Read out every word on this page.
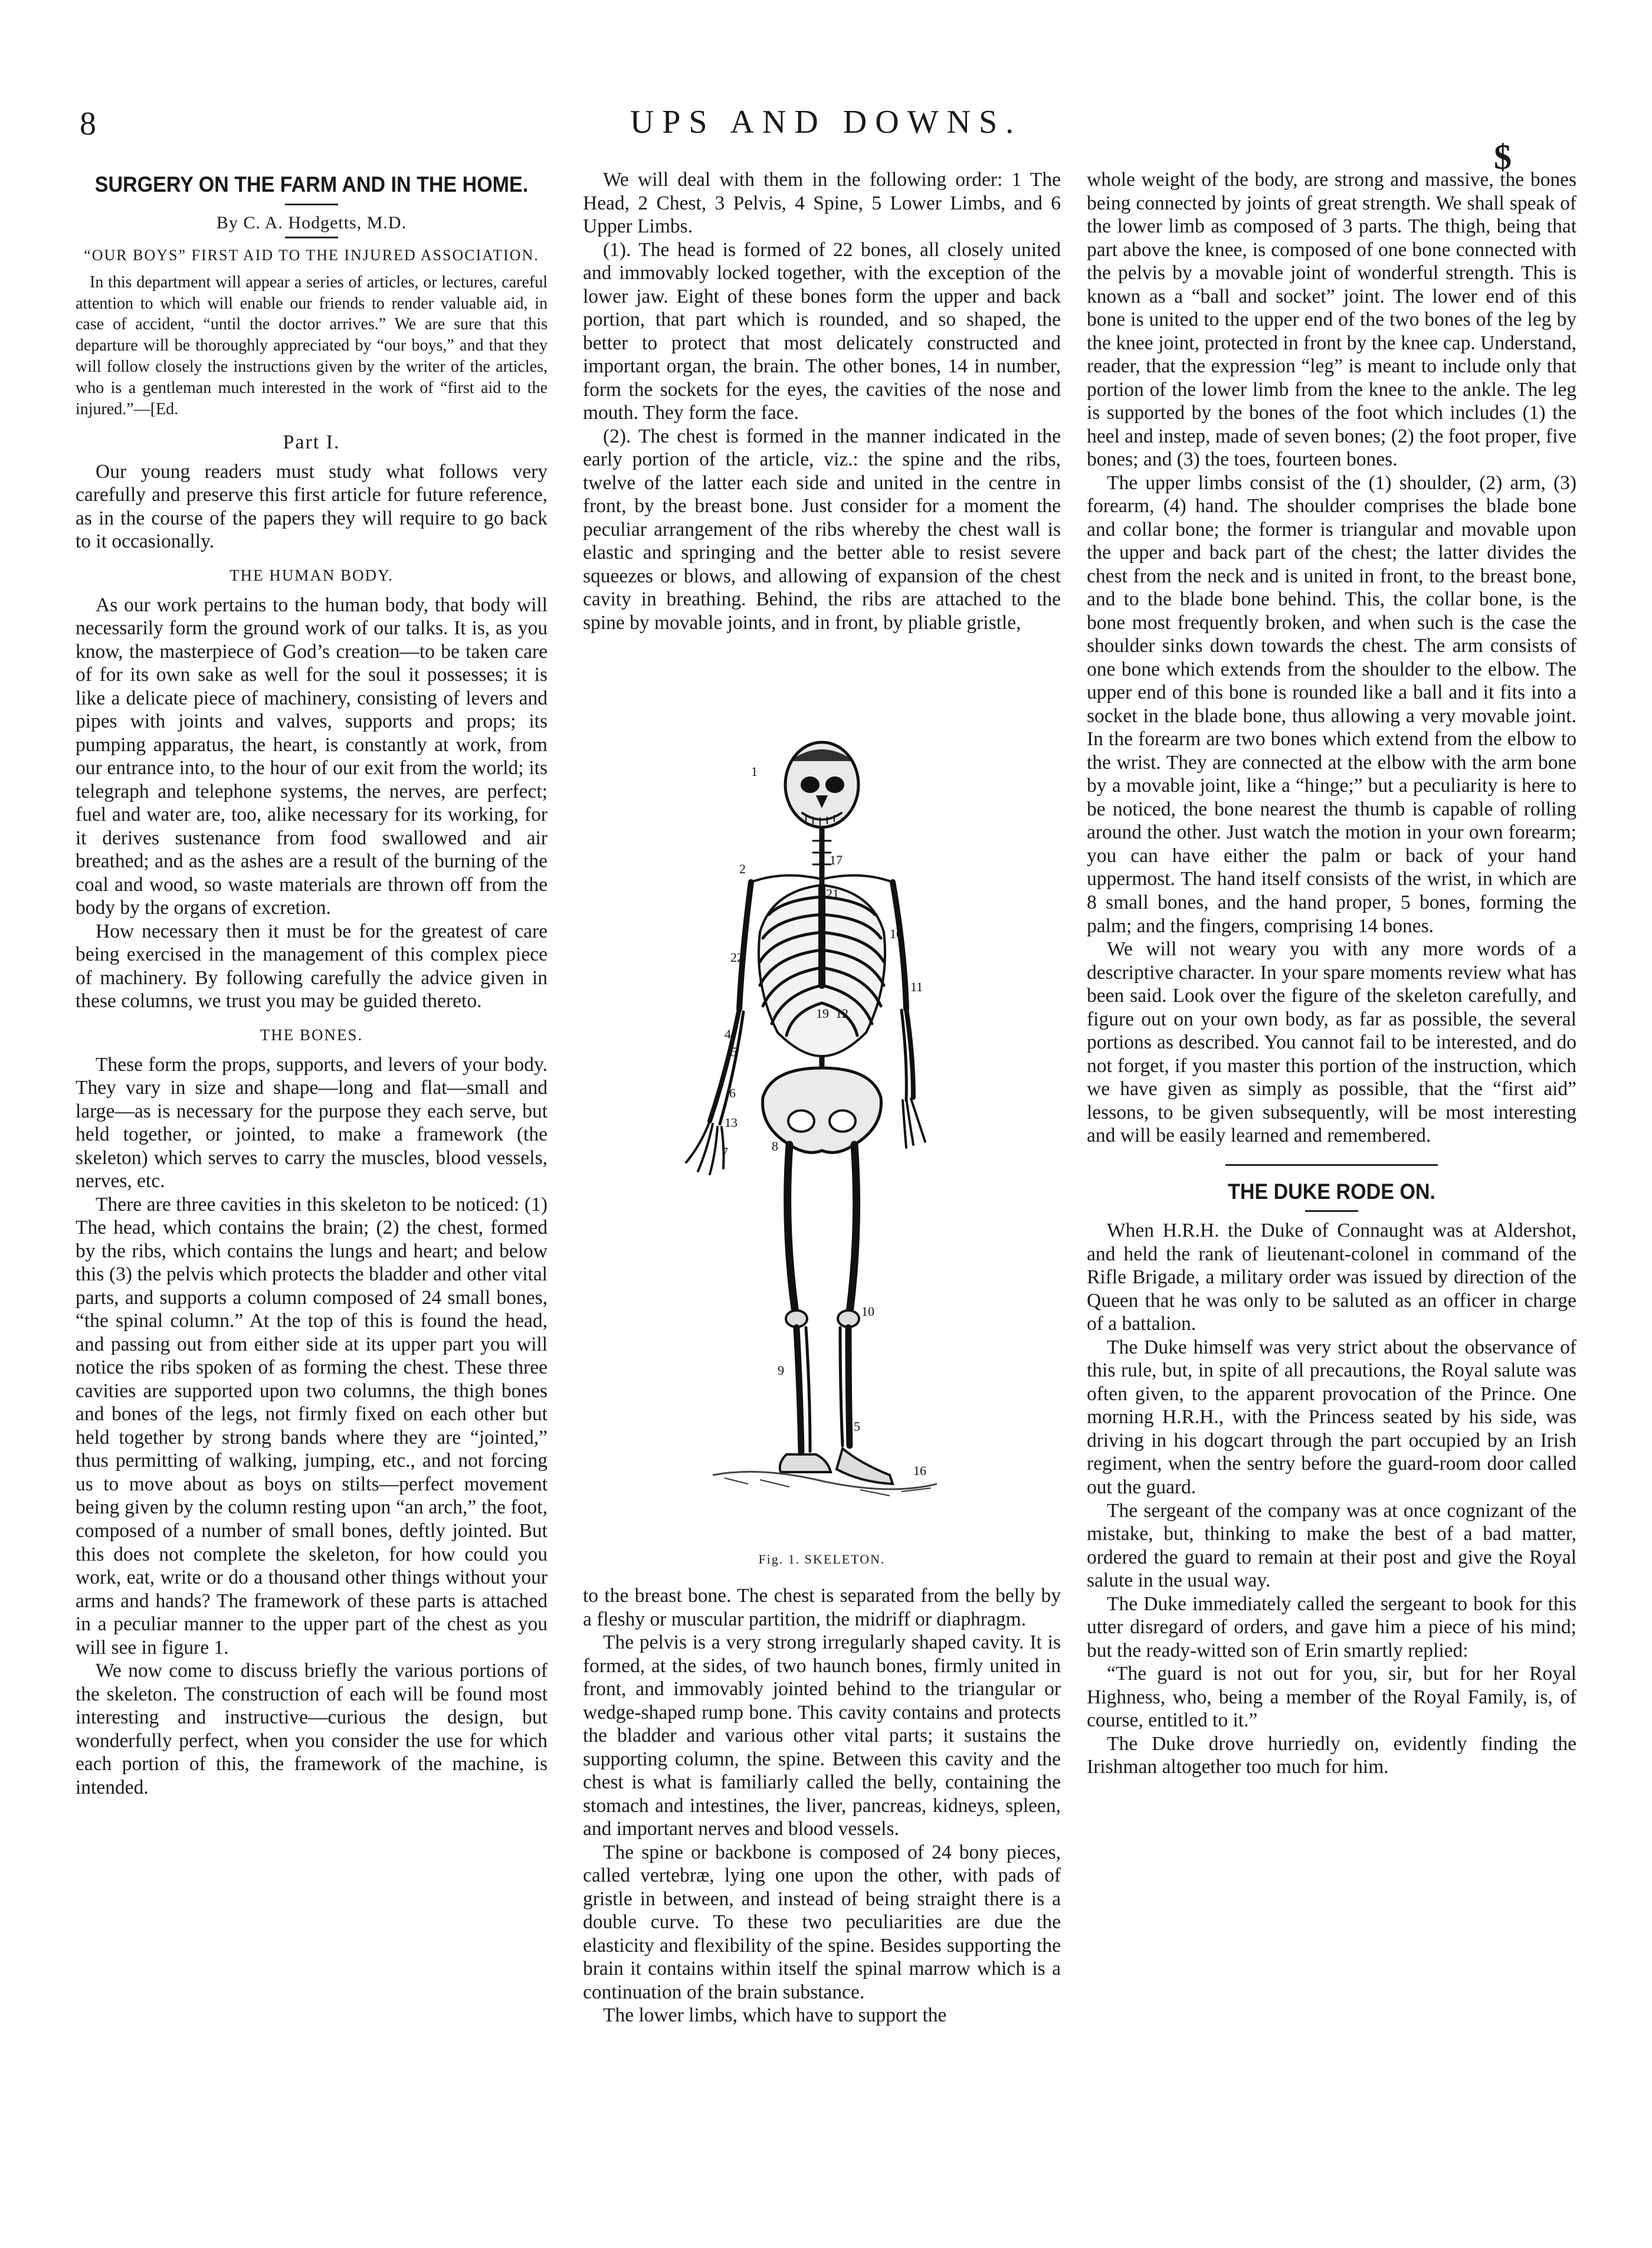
8	UPS AND DOWNS.
$
SURGERY ON THE FARM AND IN THE HOME.
By C. A. Hodgetts, M.D.
“OUR BOYS” FIRST AID TO THE INJURED ASSOCIATION.

In this department will appear a series of articles, or lectures, careful attention to which will enable our friends to render valuable aid, in case of accident, “until the doctor arrives.” We are sure that this departure will be thoroughly appreciated by “our boys,” and that they will follow closely the instructions given by the writer of the articles, who is a gentleman much interested in the work of “first aid to the injured.”—[Ed.

Part I.

Our young readers must study what follows very carefully and preserve this first article for future reference, as in the course of the papers they will require to go back to it occasionally.

THE HUMAN BODY.

As our work pertains to the human body, that body will necessarily form the ground work of our talks. It is, as you know, the masterpiece of God’s creation—to be taken care of for its own sake as well for the soul it possesses; it is like a delicate piece of machinery, consisting of levers and pipes with joints and valves, supports and props; its pumping apparatus, the heart, is constantly at work, from our entrance into, to the hour of our exit from the world; its telegraph and telephone systems, the nerves, are perfect; fuel and water are, too, alike necessary for its working, for it derives sustenance from food swallowed and air breathed; and as the ashes are a result of the burning of the coal and wood, so waste materials are thrown off from the body by the organs of excretion.

How necessary then it must be for the greatest of care being exercised in the management of this complex piece of machinery. By following carefully the advice given in these columns, we trust you may be guided thereto.

THE BONES.

These form the props, supports, and levers of your body. They vary in size and shape—long and flat—small and large—as is necessary for the purpose they each serve, but held together, or jointed, to make a framework (the skeleton) which serves to carry the muscles, blood vessels, nerves, etc.

There are three cavities in this skeleton to be noticed: (1) The head, which contains the brain; (2) the chest, formed by the ribs, which contains the lungs and heart; and below this (3) the pelvis which protects the bladder and other vital parts, and supports a column composed of 24 small bones, “the spinal column.” At the top of this is found the head, and passing out from either side at its upper part you will notice the ribs spoken of as forming the chest. These three cavities are supported upon two columns, the thigh bones and bones of the legs, not firmly fixed on each other but held together by strong bands where they are “jointed,” thus permitting of walking, jumping, etc., and not forcing us to move about as boys on stilts—perfect movement being given by the column resting upon “an arch,” the foot, composed of a number of small bones, deftly jointed. But this does not complete the skeleton, for how could you work, eat, write or do a thousand other things without your arms and hands? The framework of these parts is attached in a peculiar manner to the upper part of the chest as you will see in figure 1.

We now come to discuss briefly the various portions of the skeleton. The construction of each will be found most interesting and instructive—curious the design, but wonderfully perfect, when you consider the use for which each portion of this, the framework of the machine, is intended.

We will deal with them in the following order: 1 The Head, 2 Chest, 3 Pelvis, 4 Spine, 5 Lower Limbs, and 6 Upper Limbs.

(1). The head is formed of 22 bones, all closely united and immovably locked together, with the exception of the lower jaw. Eight of these bones form the upper and back portion, that part which is rounded, and so shaped, the better to protect that most delicately constructed and important organ, the brain. The other bones, 14 in number, form the sockets for the eyes, the cavities of the nose and mouth. They form the face.

(2). The chest is formed in the manner indicated in the early portion of the article, viz.: the spine and the ribs, twelve of the latter each side and united in the centre in front, by the breast bone. Just consider for a moment the peculiar arrangement of the ribs whereby the chest wall is elastic and springing and the better able to resist severe squeezes or blows, and allowing of expansion of the chest cavity in breathing. Behind, the ribs are attached to the spine by movable joints, and in front, by pliable gristle,

1
2
17
21
22
19
10
12
11
4
5
6
13
7	8
10
9
15
16
Fig. 1. SKELETON.

to the breast bone. The chest is separated from the belly by a fleshy or muscular partition, the midriff or diaphragm.

The pelvis is a very strong irregularly shaped cavity. It is formed, at the sides, of two haunch bones, firmly united in front, and immovably jointed behind to the triangular or wedge-shaped rump bone. This cavity contains and protects the bladder and various other vital parts; it sustains the supporting column, the spine. Between this cavity and the chest is what is familiarly called the belly, containing the stomach and intestines, the liver, pancreas, kidneys, spleen, and important nerves and blood vessels.

The spine or backbone is composed of 24 bony pieces, called vertebræ, lying one upon the other, with pads of gristle in between, and instead of being straight there is a double curve. To these two peculiarities are due the elasticity and flexibility of the spine. Besides supporting the brain it contains within itself the spinal marrow which is a continuation of the brain substance.

The lower limbs, which have to support the

whole weight of the body, are strong and massive, the bones being connected by joints of great strength. We shall speak of the lower limb as composed of 3 parts. The thigh, being that part above the knee, is composed of one bone connected with the pelvis by a movable joint of wonderful strength. This is known as a “ball and socket” joint. The lower end of this bone is united to the upper end of the two bones of the leg by the knee joint, protected in front by the knee cap. Understand, reader, that the expression “leg” is meant to include only that portion of the lower limb from the knee to the ankle. The leg is supported by the bones of the foot which includes (1) the heel and instep, made of seven bones; (2) the foot proper, five bones; and (3) the toes, fourteen bones.

The upper limbs consist of the (1) shoulder, (2) arm, (3) forearm, (4) hand. The shoulder comprises the blade bone and collar bone; the former is triangular and movable upon the upper and back part of the chest; the latter divides the chest from the neck and is united in front, to the breast bone, and to the blade bone behind. This, the collar bone, is the bone most frequently broken, and when such is the case the shoulder sinks down towards the chest. The arm consists of one bone which extends from the shoulder to the elbow. The upper end of this bone is rounded like a ball and it fits into a socket in the blade bone, thus allowing a very movable joint. In the forearm are two bones which extend from the elbow to the wrist. They are connected at the elbow with the arm bone by a movable joint, like a “hinge;” but a peculiarity is here to be noticed, the bone nearest the thumb is capable of rolling around the other. Just watch the motion in your own forearm; you can have either the palm or back of your hand uppermost. The hand itself consists of the wrist, in which are 8 small bones, and the hand proper, 5 bones, forming the palm; and the fingers, comprising 14 bones.

We will not weary you with any more words of a descriptive character. In your spare moments review what has been said. Look over the figure of the skeleton carefully, and figure out on your own body, as far as possible, the several portions as described. You cannot fail to be interested, and do not forget, if you master this portion of the instruction, which we have given as simply as possible, that the “first aid” lessons, to be given subsequently, will be most interesting and will be easily learned and remembered.

THE DUKE RODE ON.

When H.R.H. the Duke of Connaught was at Aldershot, and held the rank of lieutenant-colonel in command of the Rifle Brigade, a military order was issued by direction of the Queen that he was only to be saluted as an officer in charge of a battalion.

The Duke himself was very strict about the observance of this rule, but, in spite of all precautions, the Royal salute was often given, to the apparent provocation of the Prince. One morning H.R.H., with the Princess seated by his side, was driving in his dogcart through the part occupied by an Irish regiment, when the sentry before the guard-room door called out the guard.

The sergeant of the company was at once cognizant of the mistake, but, thinking to make the best of a bad matter, ordered the guard to remain at their post and give the Royal salute in the usual way.

The Duke immediately called the sergeant to book for this utter disregard of orders, and gave him a piece of his mind; but the ready-witted son of Erin smartly replied:

“The guard is not out for you, sir, but for her Royal Highness, who, being a member of the Royal Family, is, of course, entitled to it.”

The Duke drove hurriedly on, evidently finding the Irishman altogether too much for him.
